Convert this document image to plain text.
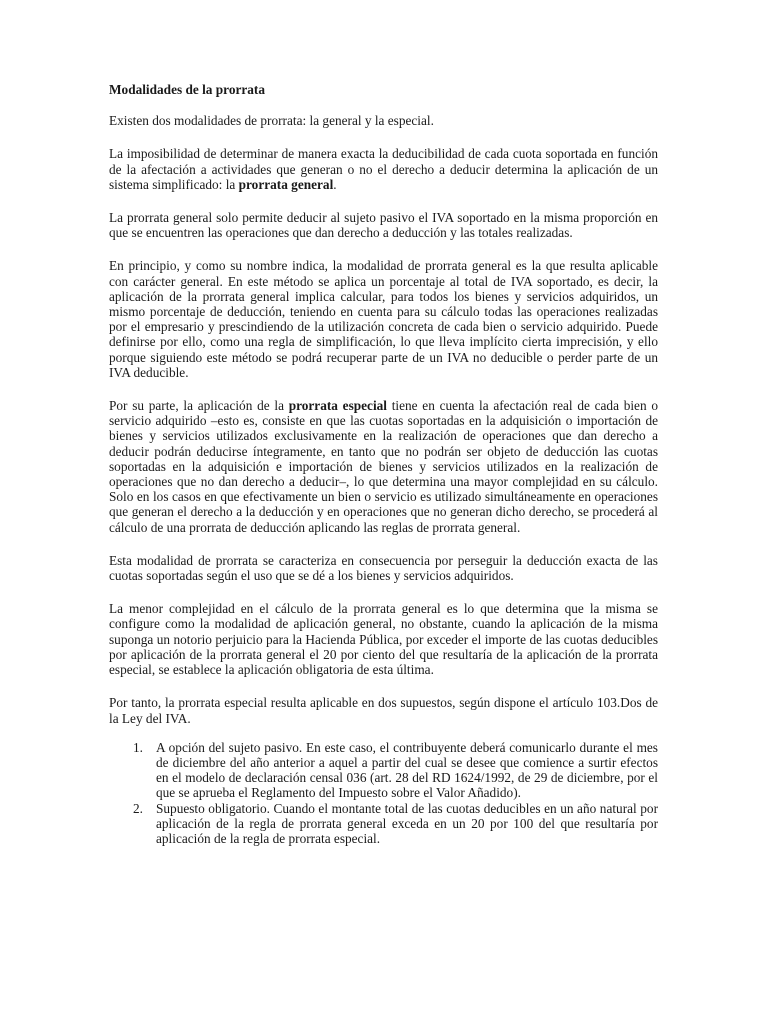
Modalidades de la prorrata

Existen dos modalidades de prorrata: la general y la especial.

La imposibilidad de determinar de manera exacta la deducibilidad de cada cuota soportada en función de la afectación a actividades que generan o no el derecho a deducir determina la aplicación de un sistema simplificado: la prorrata general.

La prorrata general solo permite deducir al sujeto pasivo el IVA soportado en la misma proporción en que se encuentren las operaciones que dan derecho a deducción y las totales realizadas.

En principio, y como su nombre indica, la modalidad de prorrata general es la que resulta aplicable con carácter general. En este método se aplica un porcentaje al total de IVA soportado, es decir, la aplicación de la prorrata general implica calcular, para todos los bienes y servicios adquiridos, un mismo porcentaje de deducción, teniendo en cuenta para su cálculo todas las operaciones realizadas por el empresario y prescindiendo de la utilización concreta de cada bien o servicio adquirido. Puede definirse por ello, como una regla de simplificación, lo que lleva implícito cierta imprecisión, y ello porque siguiendo este método se podrá recuperar parte de un IVA no deducible o perder parte de un IVA deducible.

Por su parte, la aplicación de la prorrata especial tiene en cuenta la afectación real de cada bien o servicio adquirido –esto es, consiste en que las cuotas soportadas en la adquisición o importación de bienes y servicios utilizados exclusivamente en la realización de operaciones que dan derecho a deducir podrán deducirse íntegramente, en tanto que no podrán ser objeto de deducción las cuotas soportadas en la adquisición e importación de bienes y servicios utilizados en la realización de operaciones que no dan derecho a deducir–, lo que determina una mayor complejidad en su cálculo. Solo en los casos en que efectivamente un bien o servicio es utilizado simultáneamente en operaciones que generan el derecho a la deducción y en operaciones que no generan dicho derecho, se procederá al cálculo de una prorrata de deducción aplicando las reglas de prorrata general.

Esta modalidad de prorrata se caracteriza en consecuencia por perseguir la deducción exacta de las cuotas soportadas según el uso que se dé a los bienes y servicios adquiridos.

La menor complejidad en el cálculo de la prorrata general es lo que determina que la misma se configure como la modalidad de aplicación general, no obstante, cuando la aplicación de la misma suponga un notorio perjuicio para la Hacienda Pública, por exceder el importe de las cuotas deducibles por aplicación de la prorrata general el 20 por ciento del que resultaría de la aplicación de la prorrata especial, se establece la aplicación obligatoria de esta última.

Por tanto, la prorrata especial resulta aplicable en dos supuestos, según dispone el artículo 103.Dos de la Ley del IVA.

1. A opción del sujeto pasivo. En este caso, el contribuyente deberá comunicarlo durante el mes de diciembre del año anterior a aquel a partir del cual se desee que comience a surtir efectos en el modelo de declaración censal 036 (art. 28 del RD 1624/1992, de 29 de diciembre, por el que se aprueba el Reglamento del Impuesto sobre el Valor Añadido).
2. Supuesto obligatorio. Cuando el montante total de las cuotas deducibles en un año natural por aplicación de la regla de prorrata general exceda en un 20 por 100 del que resultaría por aplicación de la regla de prorrata especial.
